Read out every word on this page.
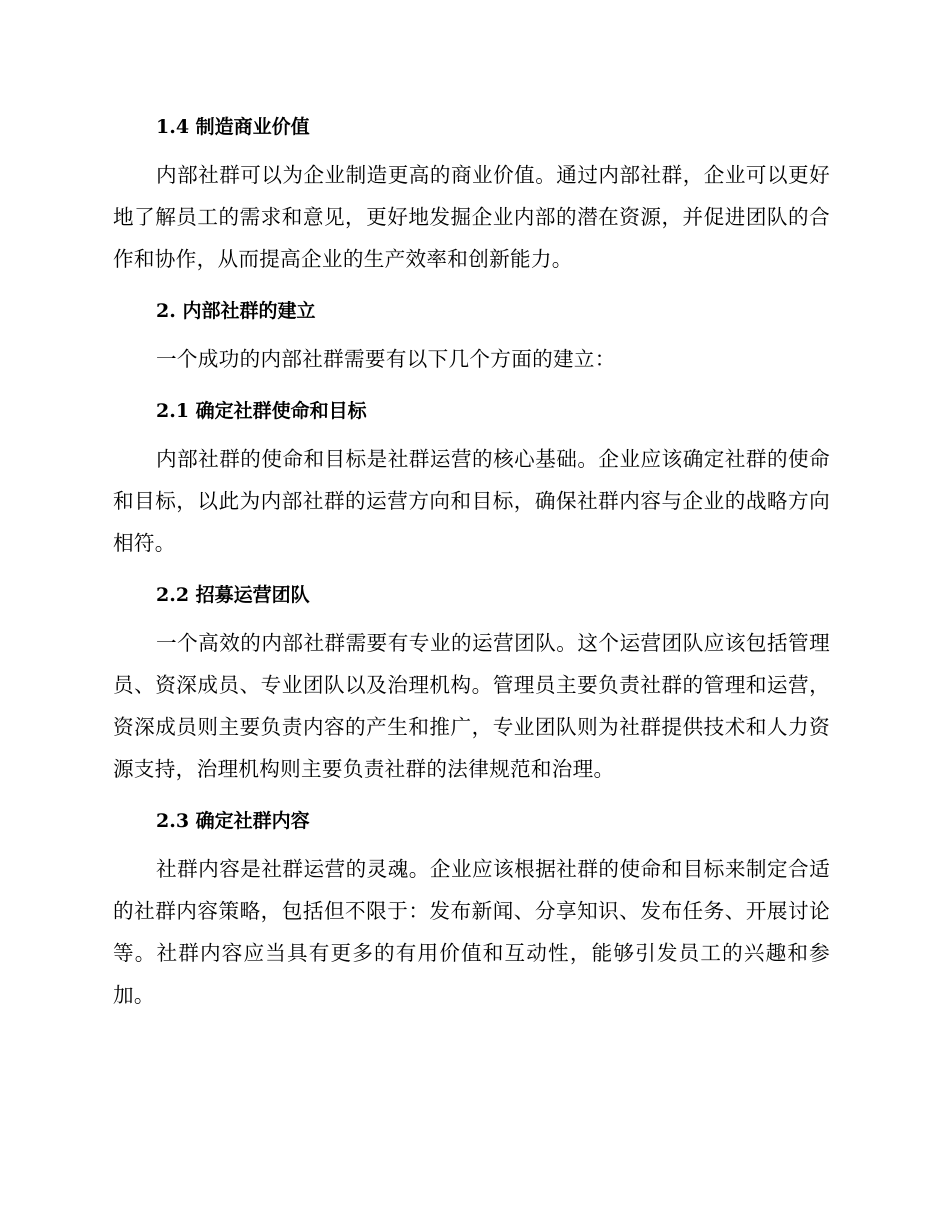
1.4 制造商业价值

内部社群可以为企业制造更高的商业价值。通过内部社群，企业可以更好地了解员工的需求和意见，更好地发掘企业内部的潜在资源，并促进团队的合作和协作，从而提高企业的生产效率和创新能力。

2. 内部社群的建立

一个成功的内部社群需要有以下几个方面的建立：

2.1 确定社群使命和目标

内部社群的使命和目标是社群运营的核心基础。企业应该确定社群的使命和目标，以此为内部社群的运营方向和目标，确保社群内容与企业的战略方向相符。

2.2 招募运营团队

一个高效的内部社群需要有专业的运营团队。这个运营团队应该包括管理员、资深成员、专业团队以及治理机构。管理员主要负责社群的管理和运营，资深成员则主要负责内容的产生和推广，专业团队则为社群提供技术和人力资源支持，治理机构则主要负责社群的法律规范和治理。

2.3 确定社群内容

社群内容是社群运营的灵魂。企业应该根据社群的使命和目标来制定合适的社群内容策略，包括但不限于：发布新闻、分享知识、发布任务、开展讨论等。社群内容应当具有更多的有用价值和互动性，能够引发员工的兴趣和参加。
